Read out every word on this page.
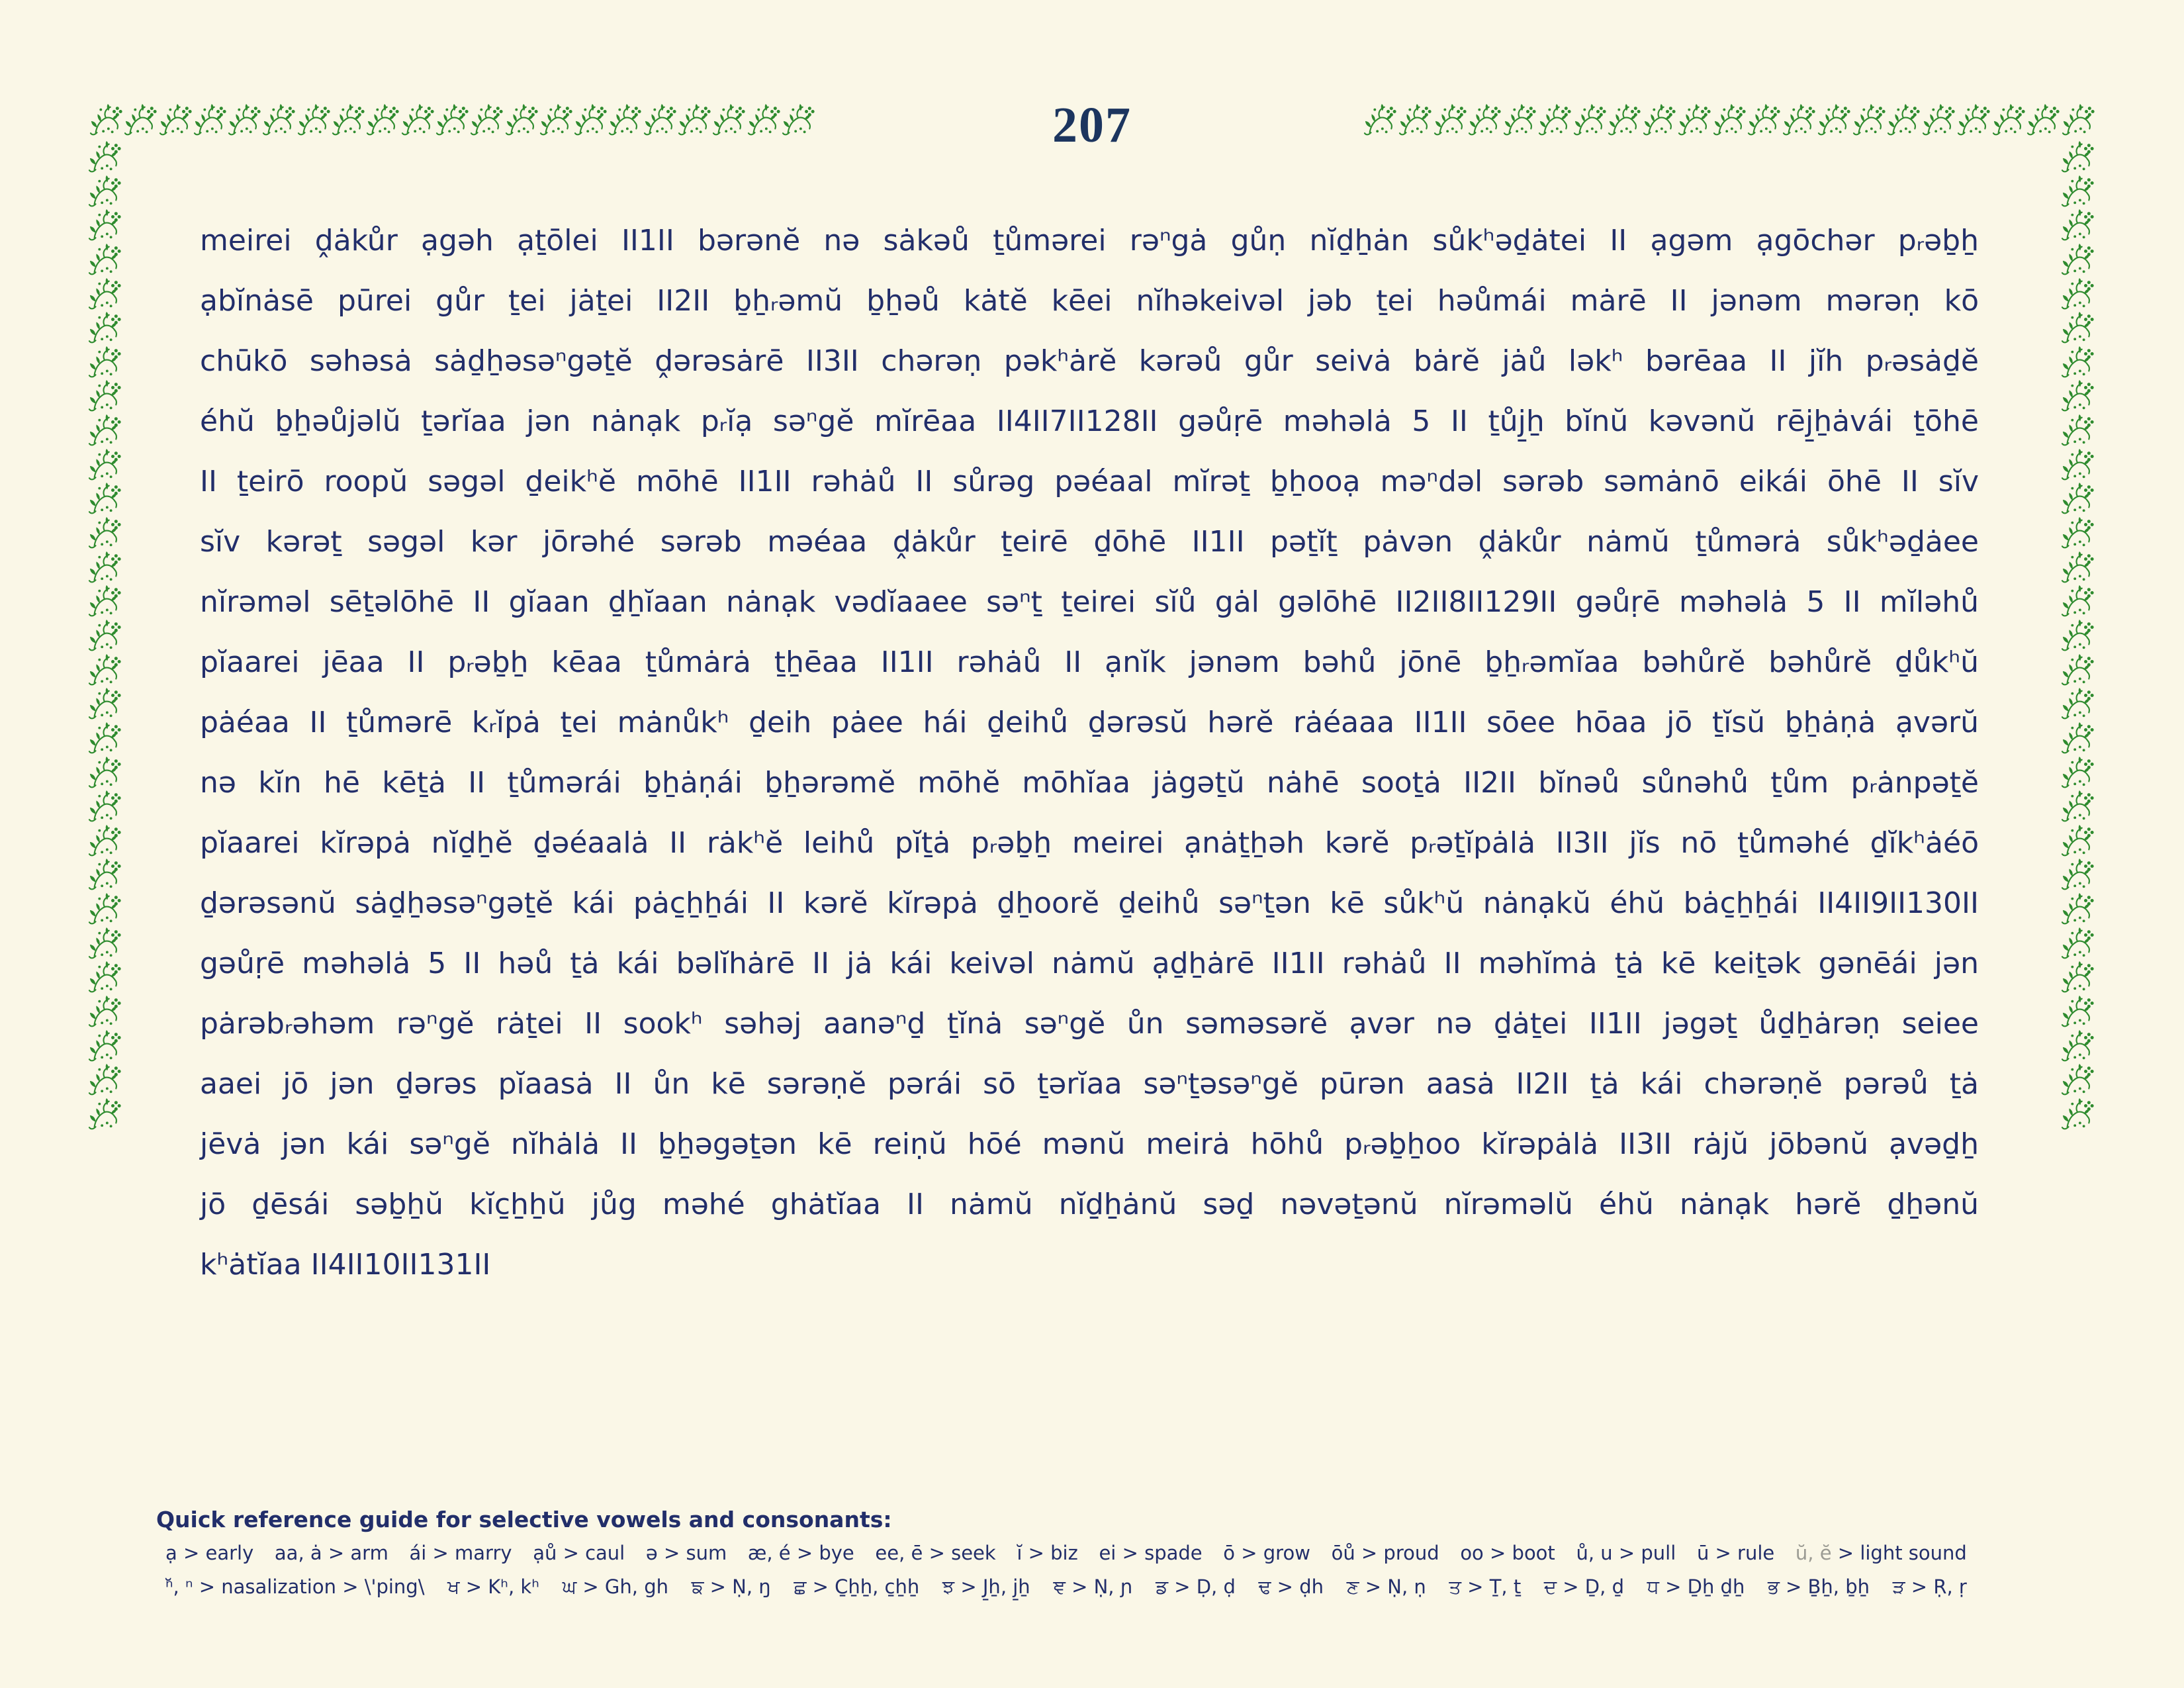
207
meirei ḓȧkůr ạgəh ạṯōlei II1II bərənĕ nə sȧkəů ṯůmərei rəⁿgȧ gůṇ nĭḏẖȧn sůkʰəḏȧtei II ạgəm ạgōchər pᵣəḇẖ
ạbĭnȧsē pūrei gůr ṯei jȧṯei II2II ḇẖᵣəmŭ ḇẖəů kȧtĕ kēei nĭhəkeivəl jəb ṯei həůmái mȧrē II jənəm mərəṇ kō
chūkō səhəsȧ sȧḏẖəsəⁿgəṯĕ ḓərəsȧrē II3II chərəṇ pəkʰȧrĕ kərəů gůr seivȧ bȧrĕ jȧů ləkʰ bərēaa II jĭh pᵣəsȧḏĕ
éhŭ ḇẖəůjəlŭ ṯərĭaa jən nȧnạk pᵣĭạ səⁿgĕ mĭrēaa II4II7II128II gəůṛē məhəlȧ 5 II ṯůj̱ẖ bĭnŭ kəvənŭ rēj̱ẖȧvái ṯōhē
II ṯeirō roopŭ səgəl ḏeikʰĕ mōhē II1II rəhȧů II sůrəg pəéaal mĭrəṯ ḇẖooạ məⁿdəl sərəb səmȧnō eikái ōhē II sĭv
sĭv kərəṯ səgəl kər jōrəhé sərəb məéaa ḓȧkůr ṯeirē ḏōhē II1II pəṯĭṯ pȧvən ḓȧkůr nȧmŭ ṯůmərȧ sůkʰəḏȧee
nĭrəməl sēṯəlōhē II gĭaan ḏẖĭaan nȧnạk vədĭaaee səⁿṯ ṯeirei sĭů gȧl gəlōhē II2II8II129II gəůṛē məhəlȧ 5 II mĭləhů
pĭaarei jēaa II pᵣəḇẖ kēaa ṯůmȧrȧ ṯẖēaa II1II rəhȧů II ạnĭk jənəm bəhů jōnē ḇẖᵣəmĭaa bəhůrĕ bəhůrĕ ḏůkʰŭ
pȧéaa II ṯůmərē kᵣĭpȧ ṯei mȧnůkʰ ḏeih pȧee hái ḏeihů ḏərəsŭ hərĕ rȧéaaa II1II sōee hōaa jō ṯĭsŭ ḇẖȧṇȧ ạvərŭ
nə kĭn hē kēṯȧ II ṯůmərái ḇẖȧṇái ḇẖərəmĕ mōhĕ mōhĭaa jȧgəṯŭ nȧhē sooṯȧ II2II bĭnəů sůnəhů ṯům pᵣȧnpəṯĕ
pĭaarei kĭrəpȧ nĭḏẖĕ ḏəéaalȧ II rȧkʰĕ leihů pĭṯȧ pᵣəḇẖ meirei ạnȧṯẖəh kərĕ pᵣəṯĭpȧlȧ II3II jĭs nō ṯůməhé ḏĭkʰȧéō
ḏərəsənŭ sȧḏẖəsəⁿgəṯĕ kái pȧc̱ẖẖái II kərĕ kĭrəpȧ ḏẖoorĕ ḏeihů səⁿṯən kē sůkʰŭ nȧnạkŭ éhŭ bȧc̱ẖẖái II4II9II130II
gəůṛē məhəlȧ 5 II həů ṯȧ kái bəlĭhȧrē II jȧ kái keivəl nȧmŭ ạḏẖȧrē II1II rəhȧů II məhĭmȧ ṯȧ kē keiṯək gənēái jən
pȧrəbᵣəhəm rəⁿgĕ rȧṯei II sookʰ səhəj aanəⁿḏ ṯĭnȧ səⁿgĕ ůn səməsərĕ ạvər nə ḏȧṯei II1II jəgəṯ ůḏẖȧrəṇ seiee
aaei jō jən ḏərəs pĭaasȧ II ůn kē sərəṇĕ pərái sō ṯərĭaa səⁿṯəsəⁿgĕ pūrən aasȧ II2II ṯȧ kái chərəṇĕ pərəů ṯȧ
jēvȧ jən kái səⁿgĕ nĭhȧlȧ II ḇẖəgəṯən kē reiṇŭ hōé mənŭ meirȧ hōhů pᵣəḇẖoo kĭrəpȧlȧ II3II rȧjŭ jōbənŭ ạvəḏẖ
jō ḏēsái səḇẖŭ kĭc̱ẖẖŭ jůg məhé ghȧtĭaa II nȧmŭ nĭḏẖȧnŭ səḏ nəvəṯənŭ nĭrəməlŭ éhŭ nȧnạk hərĕ ḏẖənŭ
kʰȧtĭaa II4II10II131II
Quick reference guide for selective vowels and consonants:
ạ > early aa, ȧ > arm ái > marry ạů > caul ə > sum æ, é > bye ee, ē > seek ĭ > biz ei > spade ō > grow ōů > proud oo > boot ů, u > pull ū > rule ŭ, ĕ > light sound
ⁿ̆, ⁿ > nasalization > \'ping\ ਖ > Kʰ, kʰ ਘ > Gh, gh ਙ > Ṇ, ŋ ਛ > C̱ẖẖ, c̱ẖẖ ਝ > J̱ẖ, j̱ẖ ਞ > Ṇ, ɲ ਡ > Ḍ, ḍ ਢ > ḍh ਣ > Ṇ, ṇ ਤ > Ṯ, ṯ ਦ > Ḏ, ḏ ਧ > Ḏẖ ḏẖ ਭ > Ḇẖ, ḇẖ ੜ > Ṛ, ṛ
